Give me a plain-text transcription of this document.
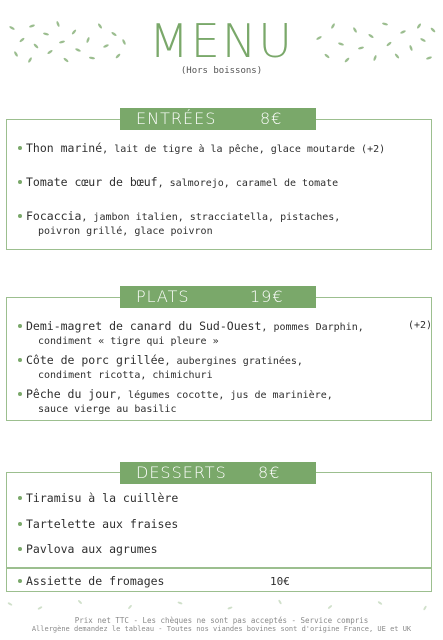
MENU
(Hors boissons)
ENTRÉES	8€
Thon mariné, lait de tigre à la pêche, glace moutarde (+2)
Tomate cœur de bœuf, salmorejo, caramel de tomate
Focaccia, jambon italien, stracciatella, pistaches,
poivron grillé, glace poivron
PLATS	19€
Demi-magret de canard du Sud-Ouest, pommes Darphin,	(+2)
condiment « tigre qui pleure »
Côte de porc grillée, aubergines gratinées,
condiment ricotta, chimichuri
Pêche du jour, légumes cocotte, jus de marinière,
sauce vierge au basilic
DESSERTS 8€
Tiramisu à la cuillère
Tartelette aux fraises
Pavlova aux agrumes
Assiette de fromages	10€
Prix net TTC - Les chèques ne sont pas acceptés - Service compris
Allergène demandez le tableau - Toutes nos viandes bovines sont d'origine France, UE et UK
